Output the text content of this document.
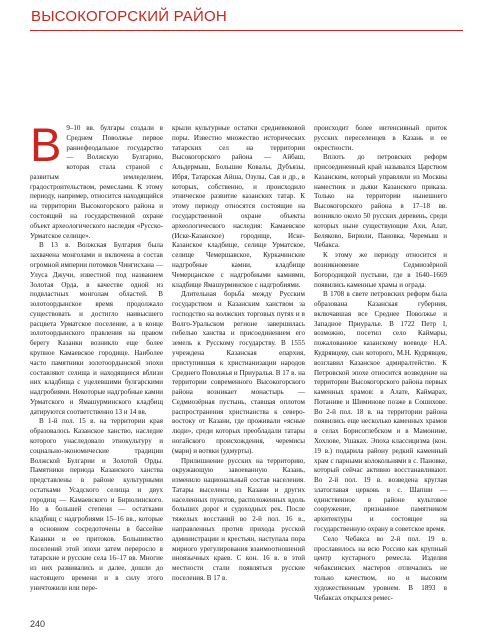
ВЫСОКОГОРСКИЙ РАЙОН
В 9–10 вв. булгары создали в Среднем Поволжье первое раннефеодальное государство — Волжскую Булгарию, которая стала страной с развитым земледелием, градостроительством, ремеслами. К этому периоду, например, относится находящийся на территории Высокогорского района и состоящий на государственной охране объект археологического наследия «Русско-Урматское селище».

В 13 в. Волжская Булгария была захвачена монголами и включена в состав огромной империи потомков Чингисхана — Улуса Джучи, известной под названием Золотая Орда, в качестве одной из подвластных монголам областей. В золотоордынское время продолжало существовать и достигло наивысшего расцвета Урматское поселение, а в конце золотоордынского правления на правом берегу Казанки возникло еще более крупное Камаевское городище. Наиболее часто памятники золотоордынской эпохи составляют селища и находящиеся вблизи них кладбища с уцелевшими булгарскими надгробиями. Некоторые надгробные камни Урматского и Ямашурминского кладбищ датируются соответственно 13 и 14 вв.

В 1-й пол. 15 в. на территории края образовалось Казанское ханство, наследие которого унаследовало этнокультуру и социально-экономические традиции Волжской Булгарии и Золотой Орды. Памятники периода Казанского ханства представлены в районе культурными остатками Усадского селища и двух городищ — Камаевского и Бирюлинского. Но в большей степени — остатками кладбищ с надгробиями 15–16 вв., которые в основном сосредоточены в бассейне Казанки и ее притоков. Большинство поселений этой эпохи затем переросло в татарские и русские села 16–17 вв. Многие из них развивались и далее, дошли до настоящего времени и в силу этого уничтожили или пере-

крыли культурные остатки средневековой поры. Известно множество исторических татарских сел на территории Высокогорского района — Айбаш, Альдермыш, Большие Ковалы, Дубъязы, Ибря, Татарская Айша, Озулы, Сая и др., в которых, собственно, и происходило этническое развитие казанских татар. К этому периоду относятся состоящие на государственной охране объекты археологического наследия: Камаевское (Иске-Казанское) городище, Иске-Казанское кладбище, селище Урматское, селище Чемершавское, Куркачинские надгробные камни, кладбище Чемерцанское с надгробными камнями, кладбище Ямашурминское с надгробиями.

Длительная борьба между Русским государством и Казанским ханством за господство на волжских торговых путях и в Волго-Уральском регионе завершилась гибелью ханства и присоединением его земель к Русскому государству. В 1555 учреждена Казанская епархия, приступившая к христианизации народов Среднего Поволжья и Приуралья. В 17 в. на территории современного Высокогорского района возникает монастырь — Седмиозёрная пустынь, ставшая оплотом распространения христианства к северо-востоку от Казани, где проживали «ясные люди», среди которых преобладали татары ногайского происхождения, черемисы (мари) и вотяки (удмурты).

Прилишнение русских на территорию, окружающую завоеванную Казань, изменило национальный состав населения. Татары выселены из Казани и других населенных пунктов, расположенных вдоль больших дорог и судоходных рек. После тяжелых восстаний во 2-й пол. 16 в., направленных против прихода русской администрации и крестьян, наступала пора мирного урегулирования взаимоотношений иноязычных краев. С кон. 16 в. в этой местности стали появляться русские поселения. В 17 в.

происходит более интенсивный приток русских переселенцев в Казань и ее окрестности.

Вплоть до петровских реформ присоединенный край назывался Царством Казанским, который управляли из Москвы наместник и дьяки Казанского приказа. Только на территории нынешнего Высокогорского района в 17–18 вв. возникло около 50 русских деревень, среди которых ныне существующие Ахи, Алат, Беляково, Бирюли, Пановка, Черемыш и Чебакса.

К этому же периоду относится и возникновение Седмиозёрной Богородицкой пустыни, где в 1640–1669 появились каменные храмы и ограда.

В 1708 в свете петровских реформ была образована Казанская губерния, включавшая все Среднее Поволжье и Западное Приуралье. В 1722 Петр I, возможно, посетил село Каймары, пожалованное казанскому воеводе Н.А. Кудрявцеву, сын которого, М.Н. Кудрявцев, возглавил Казанское адмиралтейство. К Петровской эпохе относится возведение на территории Высокогорского района первых каменных храмов: в Алате, Каймарах, Потаниве и Шиминове позже в Сошихове. Во 2-й пол. 18 в. на территории района появились еще несколько каменных храмов в селах Борисоглебском и в Мамонине, Хохлове, Ушаках. Эпоха классицизма (кон. 19 в.) подарила району редкий каменный храм с парными колокольнями в с. Пановке, который сейчас активно восстанавливают. Во 2-й пол. 19 в. возведена круглая златоглавая церковь в с. Шапши — единственное в районе культовое сооружение, признанное памятником архитектуры и состоящее на государственную охрану в советское время.

Село Чебакса во 2-й пол. 19 в. прославилось на всю Россию как крупный центр кустарного ремесла. Изделия чебаксинских мастеров отличались не только качеством, но и высоким художественным уровнем. В 1893 в Чебаксах открылся ремес-

240
